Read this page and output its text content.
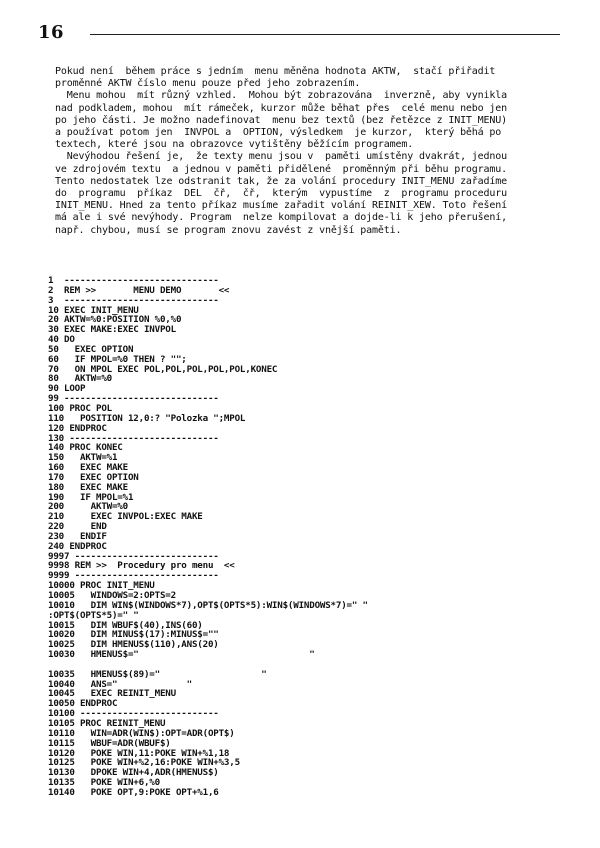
16

Pokud není  během práce s jedním  menu měněna hodnota AKTW,  stačí přiřadit

proměnné AKTW číslo menu pouze před jeho zobrazením.

Menu mohou  mít různý vzhled.  Mohou být zobrazována  inverzně, aby vynikla

nad podkladem, mohou  mít rámeček, kurzor může běhat přes  celé menu nebo jen

po jeho části. Je možno nadefinovat  menu bez textů (bez řetězce z INIT_MENU)

a používat potom jen  INVPOL a  OPTION, výsledkem  je kurzor,  který běhá po

textech, které jsou na obrazovce vytištěny běžícím programem.

Nevýhodou řešení je,  že texty menu jsou v  paměti umístěny dvakrát, jednou

ve zdrojovém textu  a jednou v paměti přidělené  proměnným při běhu programu.

Tento nedostatek lze odstranit tak, že za volání procedury INIT_MENU zařadíme

do  programu  příkaz  DEL  čř,  čř,  kterým  vypustíme  z  programu proceduru

INIT_MENU. Hned za tento příkaz musíme zařadit volání REINIT_XEW. Toto řešení

má ale i své nevýhody. Program  nelze kompilovat a dojde-li k jeho přerušení,

např. chybou, musí se program znovu zavést z vnější paměti.

1  -----------------------------
2  REM >>       MENU DEMO       <<
3  -----------------------------
10 EXEC INIT_MENU
20 AKTW=%0:POSITION %0,%0
30 EXEC MAKE:EXEC INVPOL
40 DO
50   EXEC OPTION
60   IF MPOL=%0 THEN ? "";
70   ON MPOL EXEC POL,POL,POL,POL,POL,KONEC
80   AKTW=%0
90 LOOP
99 -----------------------------
100 PROC POL
110   POSITION 12,0:? "Polozka ";MPOL
120 ENDPROC
130 ----------------------------
140 PROC KONEC
150   AKTW=%1
160   EXEC MAKE
170   EXEC OPTION
180   EXEC MAKE
190   IF MPOL=%1
200     AKTW=%0
210     EXEC INVPOL:EXEC MAKE
220     END
230   ENDIF
240 ENDPROC
9997 ---------------------------
9998 REM >>  Procedury pro menu  <<
9999 ---------------------------
10000 PROC INIT_MENU
10005   WINDOWS=2:OPTS=2
10010   DIM WIN$(WINDOWS*7),OPT$(OPTS*5):WIN$(WINDOWS*7)=" "
:OPT$(OPTS*5)=" "
10015   DIM WBUF$(40),INS(60)
10020   DIM MINUS$(17):MINUS$=""
10025   DIM HMENUS$(110),ANS(20)
10030   HMENUS$="                                "

10035   HMENUS$(89)="                   "
10040   ANS="             "
10045   EXEC REINIT_MENU
10050 ENDPROC
10100 --------------------------
10105 PROC REINIT_MENU
10110   WIN=ADR(WIN$):OPT=ADR(OPT$)
10115   WBUF=ADR(WBUF$)
10120   POKE WIN,11:POKE WIN+%1,18
10125   POKE WIN+%2,16:POKE WIN+%3,5
10130   DPOKE WIN+4,ADR(HMENUS$)
10135   POKE WIN+6,%0
10140   POKE OPT,9:POKE OPT+%1,6
